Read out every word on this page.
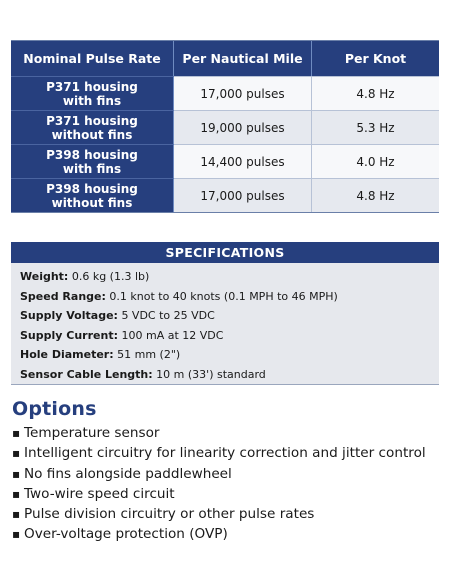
Nominal Pulse Rate	Per Nautical Mile	Per Knot

P371 housing
with fins	17,000 pulses	4.8 Hz

P371 housing
without fins	19,000 pulses	5.3 Hz

P398 housing
with fins	14,400 pulses	4.0 Hz

P398 housing
without fins	17,000 pulses	4.8 Hz
SPECIFICATIONS
Weight: 0.6 kg (1.3 lb)
Speed Range: 0.1 knot to 40 knots (0.1 MPH to 46 MPH)
Supply Voltage: 5 VDC to 25 VDC
Supply Current: 100 mA at 12 VDC
Hole Diameter: 51 mm (2")
Sensor Cable Length: 10 m (33') standard
Options
▪ Temperature sensor
▪ Intelligent circuitry for linearity correction and jitter control
▪ No fins alongside paddlewheel
▪ Two-wire speed circuit
▪ Pulse division circuitry or other pulse rates
▪ Over-voltage protection (OVP)
